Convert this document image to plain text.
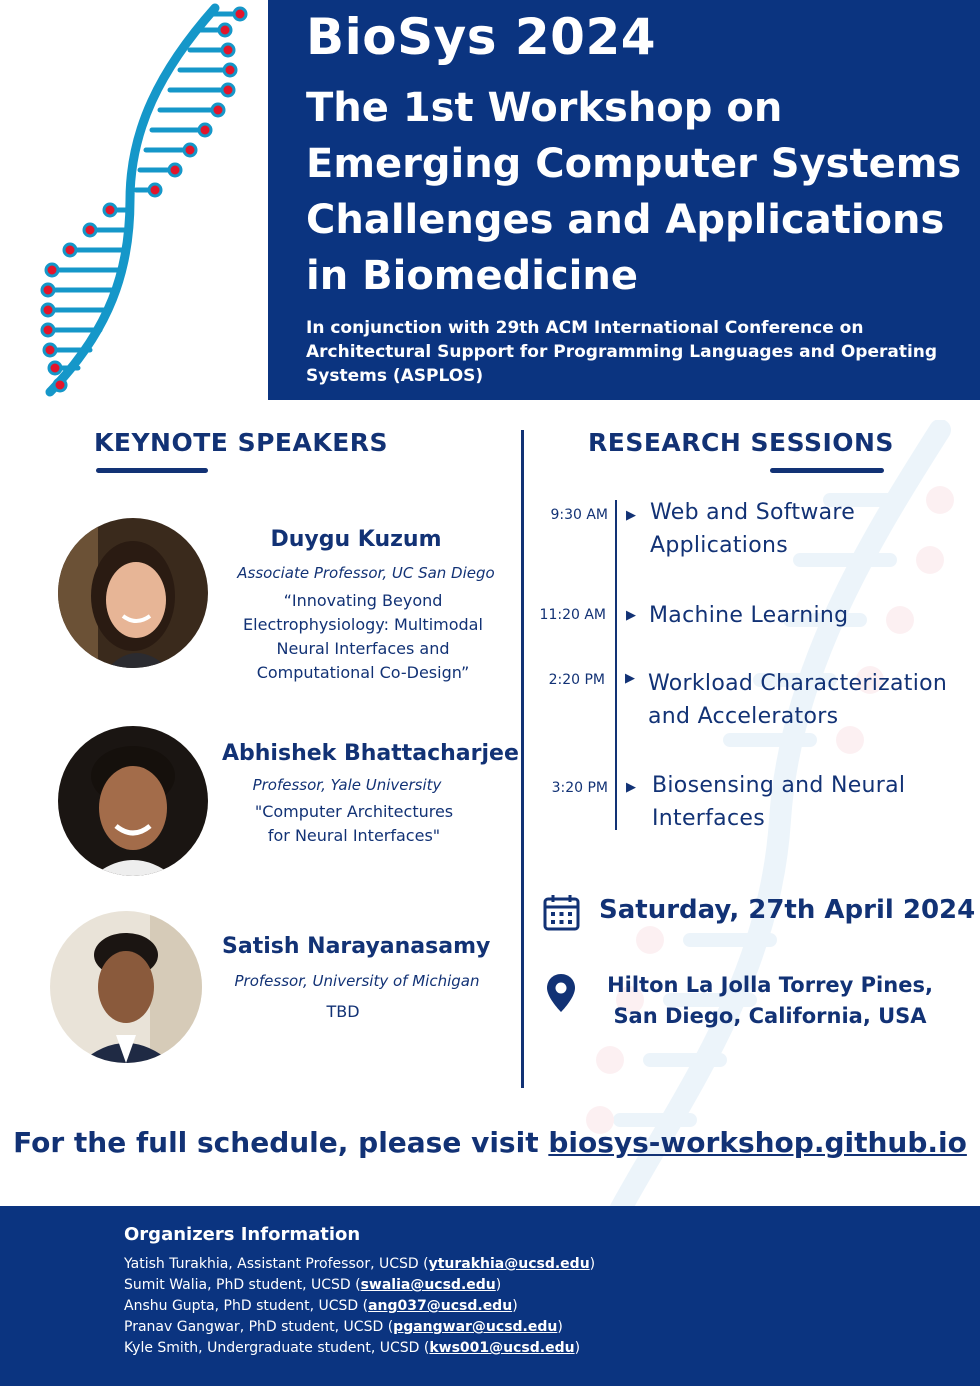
BioSys 2024
The 1st Workshop on Emerging Computer Systems Challenges and Applications in Biomedicine
In conjunction with 29th ACM International Conference on Architectural Support for Programming Languages and Operating Systems (ASPLOS)
KEYNOTE SPEAKERS	RESEARCH SESSIONS
Duygu Kuzum
Associate Professor, UC San Diego
“Innovating Beyond Electrophysiology: Multimodal Neural Interfaces and Computational Co-Design”
Abhishek Bhattacharjee
Professor, Yale University
"Computer Architectures for Neural Interfaces"
Satish Narayanasamy
Professor, University of Michigan
TBD
9:30 AM ▶ Web and Software Applications
11:20 AM ▶ Machine Learning
2:20 PM ▶ Workload Characterization and Accelerators
3:20 PM ▶ Biosensing and Neural Interfaces
Saturday, 27th April 2024
Hilton La Jolla Torrey Pines, San Diego, California, USA
For the full schedule, please visit biosys-workshop.github.io
Organizers Information
Yatish Turakhia, Assistant Professor, UCSD (yturakhia@ucsd.edu)
Sumit Walia, PhD student, UCSD (swalia@ucsd.edu)
Anshu Gupta, PhD student, UCSD (ang037@ucsd.edu)
Pranav Gangwar, PhD student, UCSD (pgangwar@ucsd.edu)
Kyle Smith, Undergraduate student, UCSD (kws001@ucsd.edu)
